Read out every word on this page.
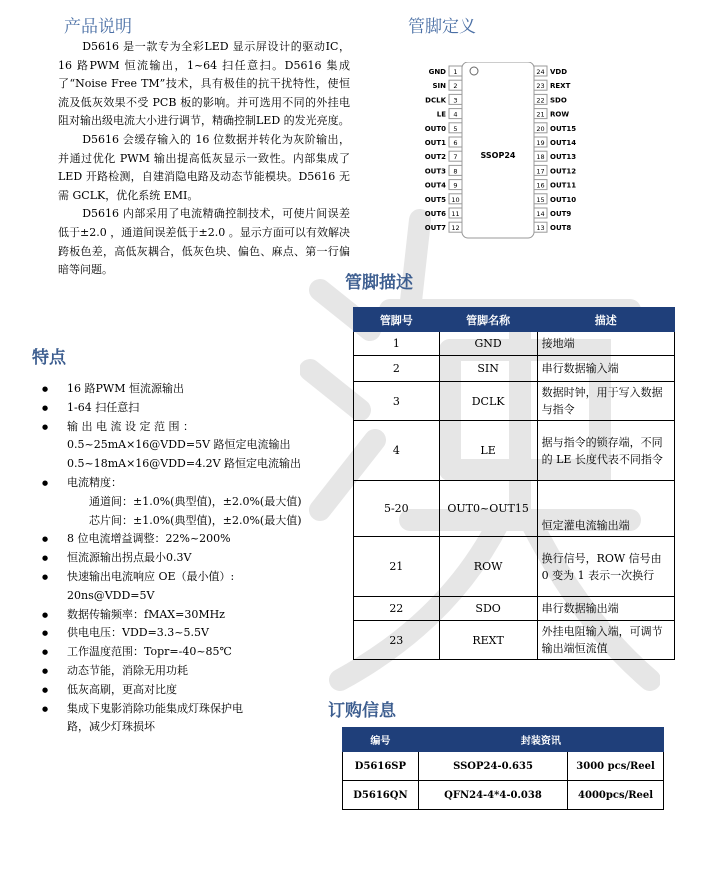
产品说明

D5616 是一款专为全彩LED 显示屏设计的驱动IC，16 路PWM 恒流输出，1~64 扫任意扫。D5616 集成了“Noise Free TM”技术，具有极佳的抗干扰特性，使恒流及低灰效果不受 PCB 板的影响。并可选用不同的外挂电阻对输出级电流大小进行调节，精确控制LED 的发光亮度。

D5616 会缓存输入的 16 位数据并转化为灰阶输出，并通过优化 PWM 输出提高低灰显示一致性。内部集成了 LED 开路检测，自建消隐电路及动态节能模块。D5616 无需 GCLK，优化系统 EMI。

D5616 内部采用了电流精确控制技术，可使片间误差低于±2.0 ，通道间误差低于±2.0 。显示方面可以有效解决跨板色差，高低灰耦合，低灰色块、偏色、麻点、第一行偏暗等问题。

管脚定义
SSOP24
1
GND
2
SIN
3
DCLK
4
LE
5
OUT0
6
OUT1
7
OUT2
8
OUT3
9
OUT4
10
OUT5
11
OUT6
12
OUT7
24 VDD
23 REXT
22 SDO
21 ROW
20 OUT15
19 OUT14
18 OUT13
17 OUT12
16 OUT11
15 OUT10
14 OUT9
13 OUT8
特点
● 16 路PWM 恒流源输出
● 1-64 扫任意扫
● 输 出 电 流 设 定 范 围 ：
0.5~25mA×16@VDD=5V 路恒定电流输出
0.5~18mA×16@VDD=4.2V 路恒定电流输出
● 电流精度：
通道间：±1.0%(典型值)，±2.0%(最大值)
芯片间：±1.0%(典型值)，±2.0%(最大值)
● 8 位电流增益调整：22%~200%
● 恒流源输出拐点最小0.3V
● 快速输出电流响应 OE（最小值）:
20ns@VDD=5V
● 数据传输频率：fMAX=30MHz
● 供电电压：VDD=3.3~5.5V
● 工作温度范围：Topr=-40~85℃
● 动态节能，消除无用功耗
● 低灰高刷，更高对比度
● 集成下鬼影消除功能集成灯珠保护电
路，减少灯珠损坏
管脚描述
管脚号	管脚名称	描述
1	GND	接地端
2	SIN	串行数据输入端
3	DCLK	数据时钟，用于写入数据与指令
4	LE	据与指令的锁存端，不同的 LE 长度代表不同指令
5-20	OUT0~OUT15	恒定灌电流输出端
21	ROW	换行信号，ROW 信号由 0 变为 1 表示一次换行
22	SDO	串行数据输出端
23	REXT	外挂电阻输入端，可调节输出端恒流值
订购信息
编号	封装资讯	
D5616SP	SSOP24-0.635	3000 pcs/Reel
D5616QN	QFN24-4*4-0.038	4000pcs/Reel
